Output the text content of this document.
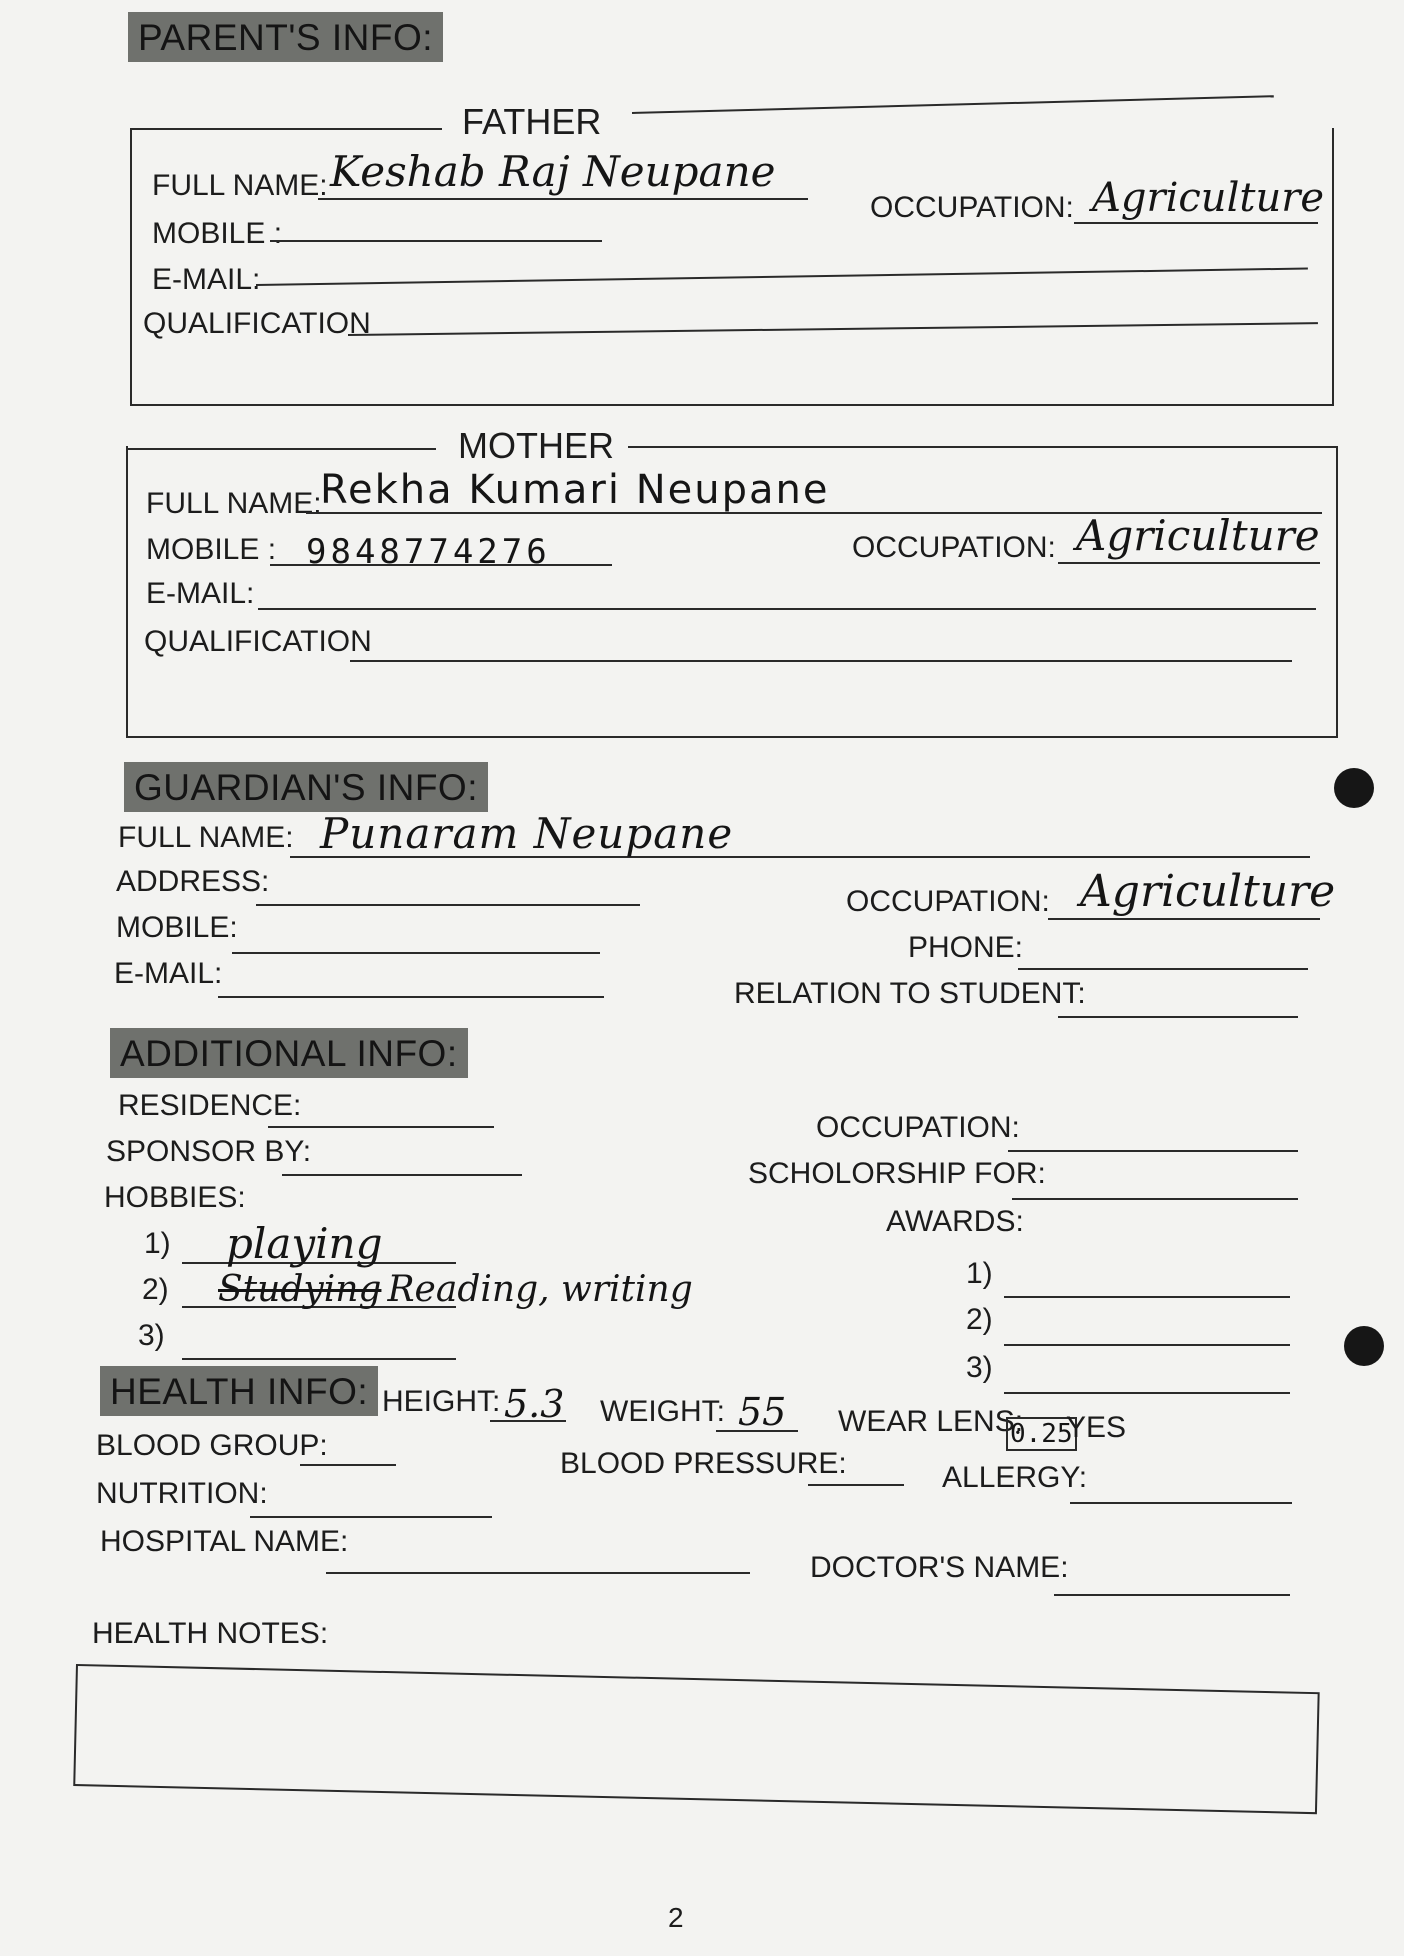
PARENT'S INFO:
FATHER
FULL NAME: Keshab Raj Neupane
OCCUPATION: Agriculture
MOBILE :
E-MAIL:
QUALIFICATION
MOTHER
FULL NAME:
Rekha Kumari Neupane
MOBILE : 9848774276	OCCUPATION: Agriculture
E-MAIL:
QUALIFICATION
GUARDIAN'S INFO:
FULL NAME: Punaram Neupane
ADDRESS:
OCCUPATION: Agriculture
MOBILE:
PHONE:
E-MAIL:
RELATION TO STUDENT:
ADDITIONAL INFO:
RESIDENCE:
SPONSOR BY:
HOBBIES:
1) playing
2) Studying Reading, writing
3)
OCCUPATION:
SCHOLORSHIP FOR:
AWARDS:
1)
2)
3)
HEALTH INFO: HEIGHT: 5.3 WEIGHT: 55 WEAR LENS:
0.25
YES
BLOOD GROUP:
BLOOD PRESSURE:	ALLERGY:
NUTRITION:
HOSPITAL NAME:
DOCTOR'S NAME:
HEALTH NOTES:
2
